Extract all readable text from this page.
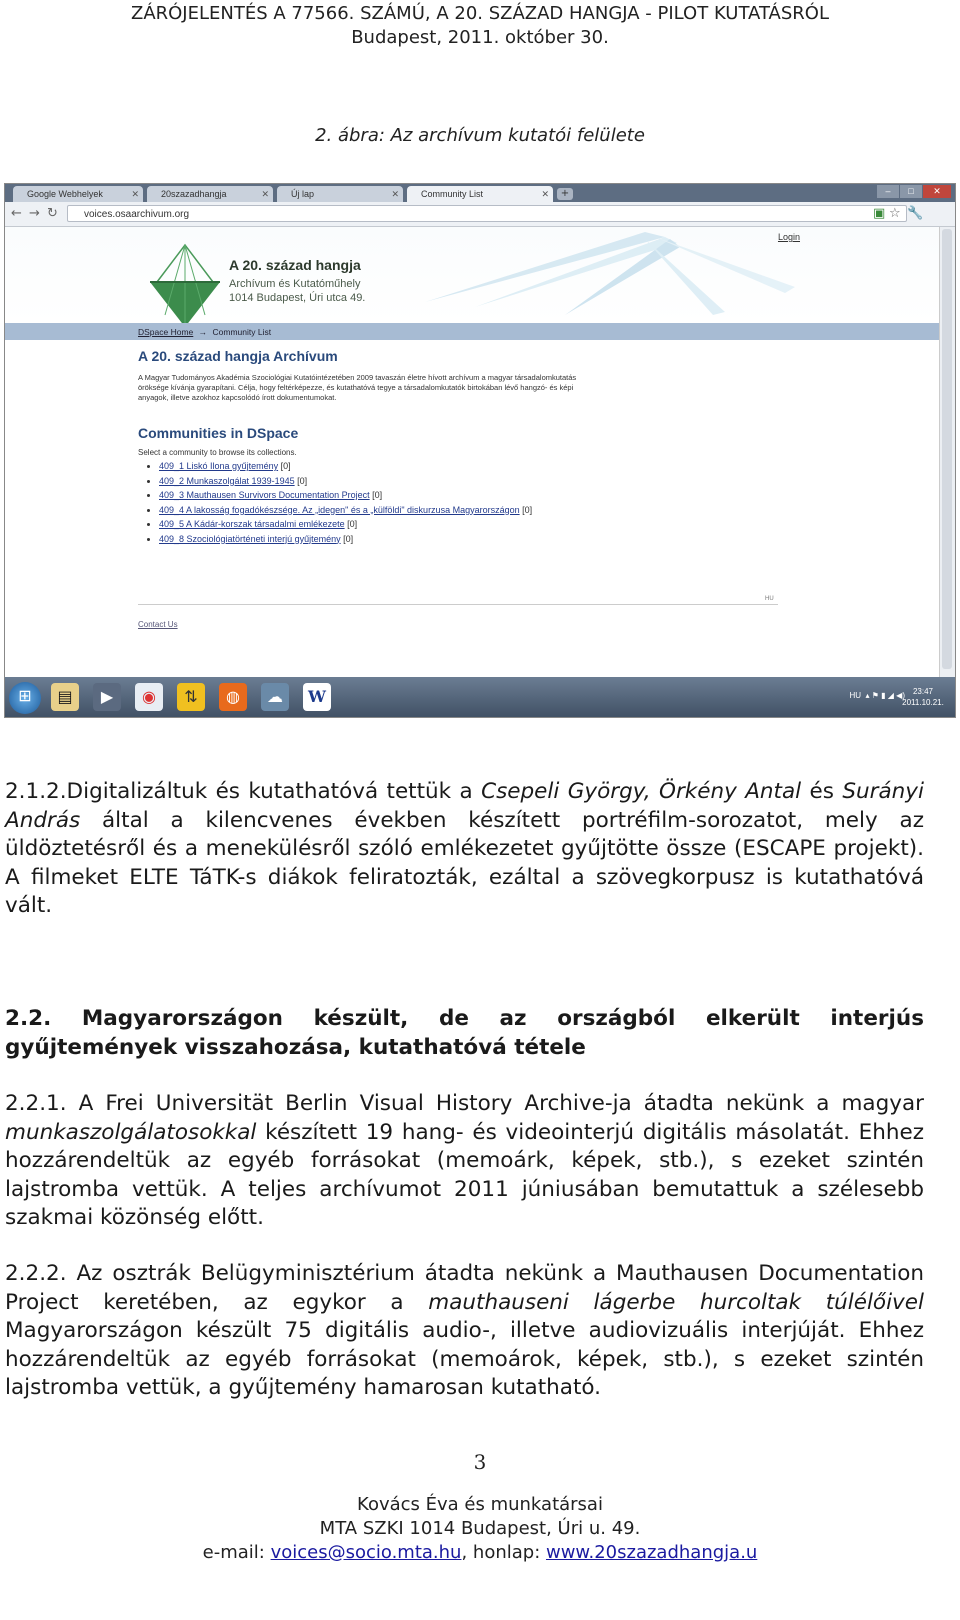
ZÁRÓJELENTÉS A 77566. SZÁMÚ, A 20. SZÁZAD HANGJA - PILOT KUTATÁSRÓL
Budapest, 2011. október 30.
2. ábra: Az archívum kutatói felülete
Google Webhelyek	✕	20szazadhangja	✕	Új lap	✕	Community List	✕	+	–	□	✕
← → ↻	voices.osaarchivum.org	▣ ☆ 🔧
Login
A 20. század hangja
Archívum és Kutatóműhely
1014 Budapest, Úri utca 49.
DSpace Home → Community List
A 20. század hangja Archívum
A Magyar Tudományos Akadémia Szociológiai Kutatóintézetében 2009 tavaszán életre hívott archívum a magyar társadalomkutatás öröksége kívánja gyarapítani. Célja, hogy feltérképezze, és kutathatóvá tegye a társadalomkutatók birtokában lévő hangzó- és képi anyagok, illetve azokhoz kapcsolódó írott dokumentumokat.
Communities in DSpace
Select a community to browse its collections.
• 409_1 Liskó Ilona gyűjtemény [0]
• 409_2 Munkaszolgálat 1939-1945 [0]
• 409_3 Mauthausen Survivors Documentation Project [0]
• 409_4 A lakosság fogadókészsége. Az „idegen" és a „külföldi" diskurzusa Magyarországon [0]
• 409_5 A Kádár-korszak társadalmi emlékezete [0]
• 409_8 Szociológiatörténeti interjú gyűjtemény [0]
HU
Contact Us
⊞	▤	▶	◉	⇅	◍	☁	W	HU  ▴ ⚑ ▮ ◢ ◀) 23:47
2011.10.21.
2.1.2.Digitalizáltuk és kutathatóvá tettük a Csepeli György, Örkény Antal és Surányi András által a kilencvenes években készített portréfilm-sorozatot, mely az üldöztetésről és a menekülésről szóló emlékezetet gyűjtötte össze (ESCAPE projekt). A filmeket ELTE TáTK-s diákok feliratozták, ezáltal a szövegkorpusz is kutathatóvá vált.
2.2. Magyarországon készült, de az országból elkerült interjús gyűjtemények visszahozása, kutathatóvá tétele
2.2.1. A Frei Universität Berlin Visual History Archive-ja átadta nekünk a magyar munkaszolgálatosokkal készített 19 hang- és videointerjú digitális másolatát. Ehhez hozzárendeltük az egyéb forrásokat (memoárk, képek, stb.), s ezeket szintén lajstromba vettük. A teljes archívumot 2011 júniusában bemutattuk a szélesebb szakmai közönség előtt.
2.2.2. Az osztrák Belügyminisztérium átadta nekünk a Mauthausen Documentation Project keretében, az egykor a mauthauseni lágerbe hurcoltak túlélőivel Magyarországon készült 75 digitális audio-, illetve audiovizuális interjúját. Ehhez hozzárendeltük az egyéb forrásokat (memoárok, képek, stb.), s ezeket szintén lajstromba vettük, a gyűjtemény hamarosan kutatható.
3
Kovács Éva és munkatársai
MTA SZKI 1014 Budapest, Úri u. 49.
e-mail: voices@socio.mta.hu, honlap: www.20szazadhangja.u
